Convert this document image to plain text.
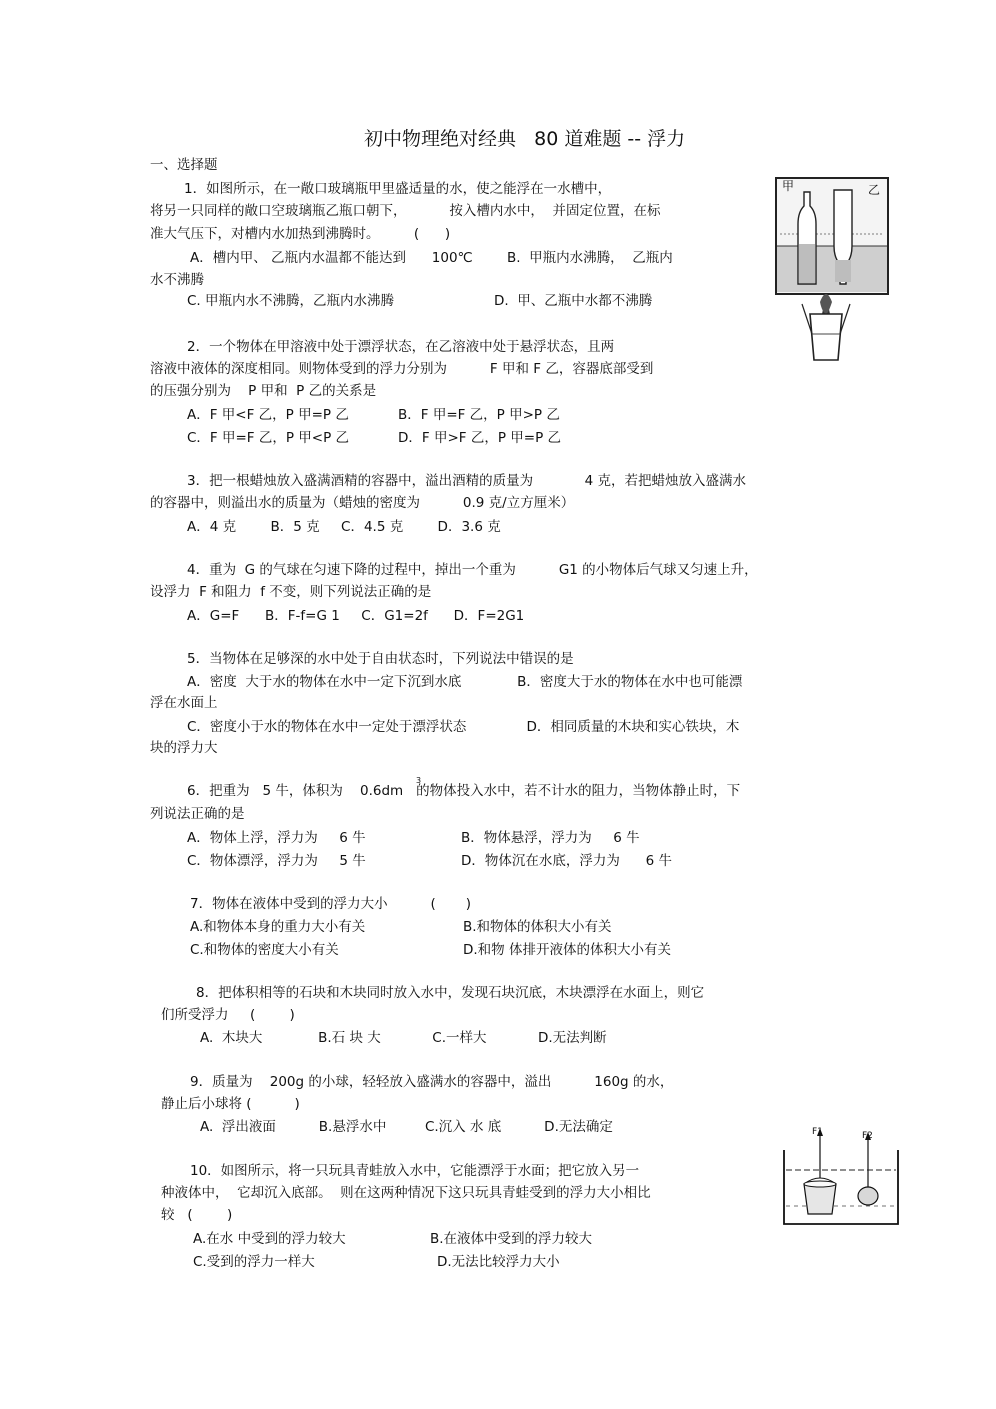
初中物理绝对经典   80 道难题 -- 浮力
一、选择题
1．如图所示，在一敞口玻璃瓶甲里盛适量的水，使之能浮在一水槽中，
将另一只同样的敞口空玻璃瓶乙瓶口朝下，          按入槽内水中，  并固定位置，在标
准大气压下，对槽内水加热到沸腾时。        (      )
A．槽内甲、 乙瓶内水温都不能达到      100℃        B.  甲瓶内水沸腾，  乙瓶内
水不沸腾
C. 甲瓶内水不沸腾，乙瓶内水沸腾	D.  甲、乙瓶中水都不沸腾
甲	乙
2．一个物体在甲溶液中处于漂浮状态，在乙溶液中处于悬浮状态，且两
溶液中液体的深度相同。则物体受到的浮力分别为          F 甲和 F 乙，容器底部受到
的压强分别为    P 甲和  P 乙的关系是
A．F 甲<F 乙，P 甲=P 乙	B．F 甲=F 乙，P 甲>P 乙
C．F 甲=F 乙，P 甲<P 乙	D．F 甲>F 乙，P 甲=P 乙
3．把一根蜡烛放入盛满酒精的容器中，溢出酒精的质量为            4 克，若把蜡烛放入盛满水
的容器中，则溢出水的质量为（蜡烛的密度为          0.9 克/立方厘米）
A．4 克        B．5 克     C．4.5 克        D．3.6 克
4．重为  G 的气球在匀速下降的过程中，掉出一个重为          G1 的小物体后气球又匀速上升，
设浮力  F 和阻力  f 不变，则下列说法正确的是
A．G=F      B．F-f=G 1     C．G1=2f      D．F=2G1
5．当物体在足够深的水中处于自由状态时，下列说法中错误的是
A．密度  大于水的物体在水中一定下沉到水底             B．密度大于水的物体在水中也可能漂
浮在水面上
C．密度小于水的物体在水中一定处于漂浮状态              D．相同质量的木块和实心铁块，木
块的浮力大
6．把重为   5 牛，体积为    0.6dm   的物体投入水中，若不计水的阻力，当物体静止时，下
3
列说法正确的是
A．物体上浮，浮力为     6 牛	B．物体悬浮，浮力为     6 牛
C．物体漂浮，浮力为     5 牛	D．物体沉在水底，浮力为      6 牛
7．物体在液体中受到的浮力大小          (       )
A.和物体本身的重力大小有关	B.和物体的体积大小有关
C.和物体的密度大小有关	D.和物 体排开液体的体积大小有关
8．把体积相等的石块和木块同时放入水中，发现石块沉底，木块漂浮在水面上，则它
们所受浮力     (        )
A.  木块大             B.石 块 大            C.一样大            D.无法判断
9．质量为    200g 的小球，轻轻放入盛满水的容器中，溢出          160g 的水，
静止后小球将 (          )
A.  浮出液面          B.悬浮水中         C.沉入 水 底          D.无法确定	F1	F2
10．如图所示，将一只玩具青蛙放入水中，它能漂浮于水面；把它放入另一
种液体中，  它却沉入底部。  则在这两种情况下这只玩具青蛙受到的浮力大小相比
较   (        )
A.在水 中受到的浮力较大	B.在液体中受到的浮力较大
C.受到的浮力一样大	D.无法比较浮力大小
